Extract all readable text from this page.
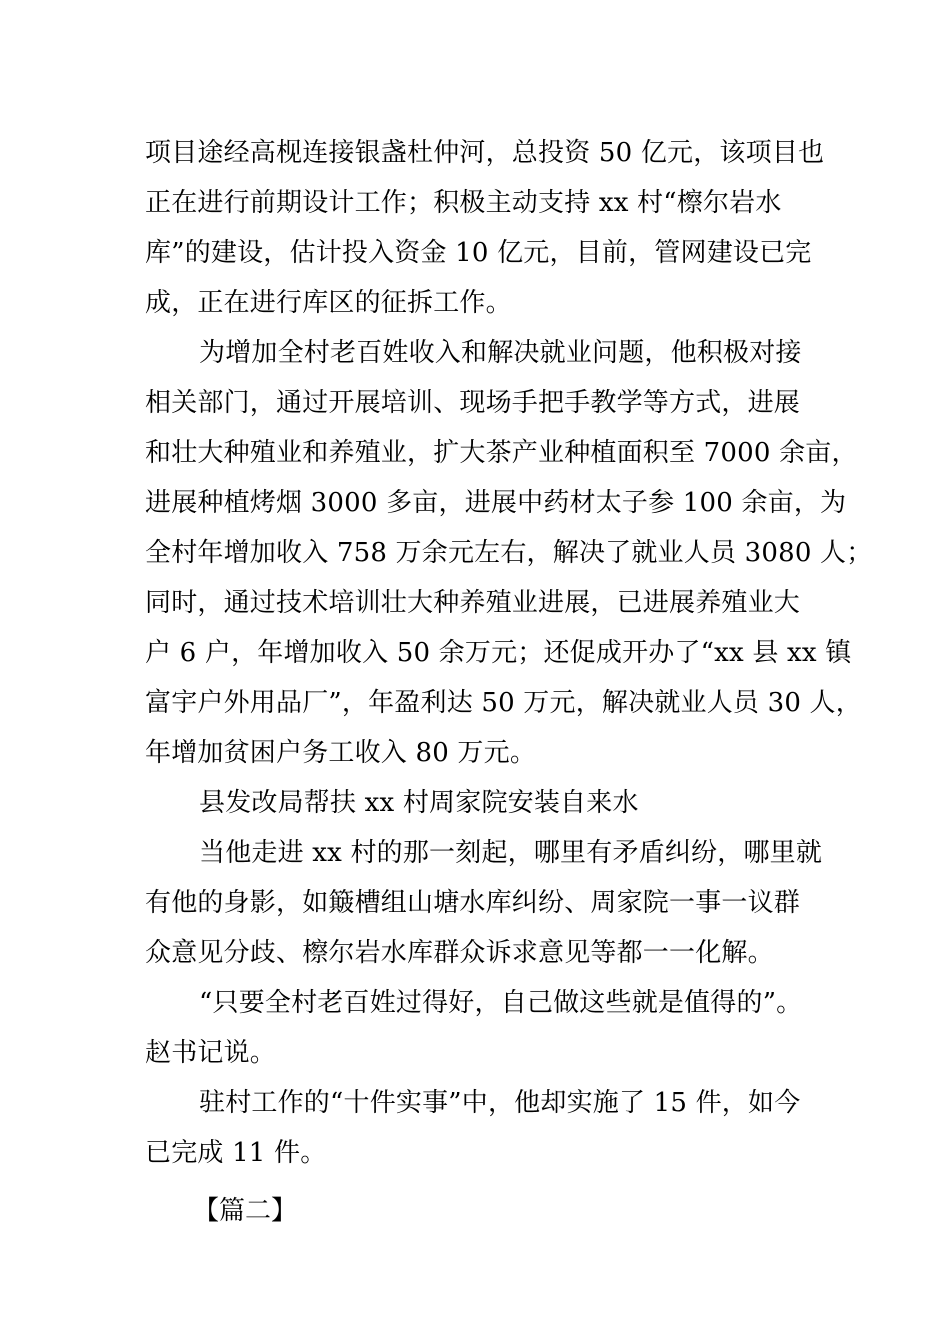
项目途经高枧连接银盏杜仲河，总投资 50 亿元，该项目也
正在进行前期设计工作；积极主动支持 xx 村“檫尔岩水
库”的建设，估计投入资金 10 亿元，目前，管网建设已完
成，正在进行库区的征拆工作。
为增加全村老百姓收入和解决就业问题，他积极对接
相关部门，通过开展培训、现场手把手教学等方式，进展
和壮大种殖业和养殖业，扩大茶产业种植面积至 7000 余亩，
进展种植烤烟 3000 多亩，进展中药材太子参 100 余亩，为
全村年增加收入 758 万余元左右，解决了就业人员 3080 人；
同时，通过技术培训壮大种养殖业进展，已进展养殖业大
户 6 户，年增加收入 50 余万元；还促成开办了“xx 县 xx 镇
富宇户外用品厂”，年盈利达 50 万元，解决就业人员 30 人，
年增加贫困户务工收入 80 万元。
县发改局帮扶 xx 村周家院安装自来水
当他走进 xx 村的那一刻起，哪里有矛盾纠纷，哪里就
有他的身影，如簸槽组山塘水库纠纷、周家院一事一议群
众意见分歧、檫尔岩水库群众诉求意见等都一一化解。
“只要全村老百姓过得好，自己做这些就是值得的”。
赵书记说。
驻村工作的“十件实事”中，他却实施了 15 件，如今
已完成 11 件。
【篇二】
